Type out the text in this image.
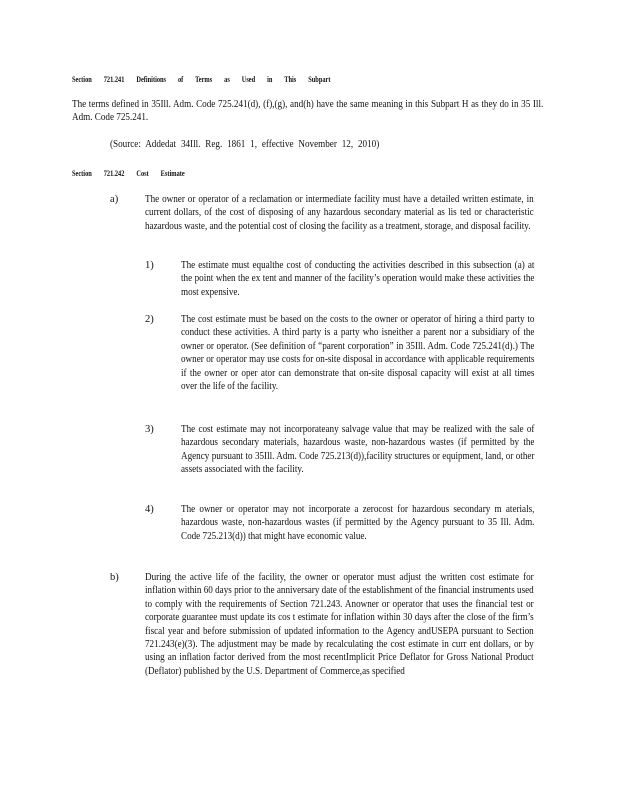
Section 721.241 Definitions of Terms as Used in This Subpart
The terms defined in 35Ill. Adm. Code 725.241(d), (f),(g), and(h) have the same meaning in this Subpart H as they do in 35 Ill. Adm. Code 725.241.
(Source: Addedat 34Ill. Reg. 1861 1, effective November 12, 2010)
Section 721.242 Cost Estimate
a)	The owner or operator of a reclamation or intermediate facility must have a detailed written estimate, in current dollars, of the cost of disposing of any hazardous secondary material as lis ted or characteristic hazardous waste, and the potential cost of closing the facility as a treatment, storage, and disposal facility.
1)	The estimate must equalthe cost of conducting the activities described in this subsection (a) at the point when the ex tent and manner of the facility’s operation would make these activities the most expensive.
2)	The cost estimate must be based on the costs to the owner or operator of hiring a third party to conduct these activities. A third party is a party who isneither a parent nor a subsidiary of the owner or operator. (See definition of “parent corporation” in 35Ill. Adm. Code 725.241(d).) The owner or operator may use costs for on-site disposal in accordance with applicable requirements if the owner or oper ator can demonstrate that on-site disposal capacity will exist at all times over the life of the facility.
3)	The cost estimate may not incorporateany salvage value that may be realized with the sale of hazardous secondary materials, hazardous waste, non-hazardous wastes (if permitted by the Agency pursuant to 35Ill. Adm. Code 725.213(d)),facility structures or equipment, land, or other assets associated with the facility.
4)	The owner or operator may not incorporate a zerocost for hazardous secondary m aterials, hazardous waste, non-hazardous wastes (if permitted by the Agency pursuant to 35 Ill. Adm. Code 725.213(d)) that might have economic value.
b) During the active life of the facility, the owner or operator must adjust the written cost estimate for inflation within 60 days prior to the anniversary date of the establishment of the financial instruments used to comply with the requirements of Section 721.243. Anowner or operator that uses the financial test or corporate guarantee must update its cos t estimate for inflation within 30 days after the close of the firm’s fiscal year and before submission of updated information to the Agency andUSEPA pursuant to Section 721.243(e)(3). The adjustment may be made by recalculating the cost estimate in curr ent dollars, or by using an inflation factor derived from the most recentImplicit Price Deflator for Gross National Product (Deflator) published by the U.S. Department of Commerce,as specified
